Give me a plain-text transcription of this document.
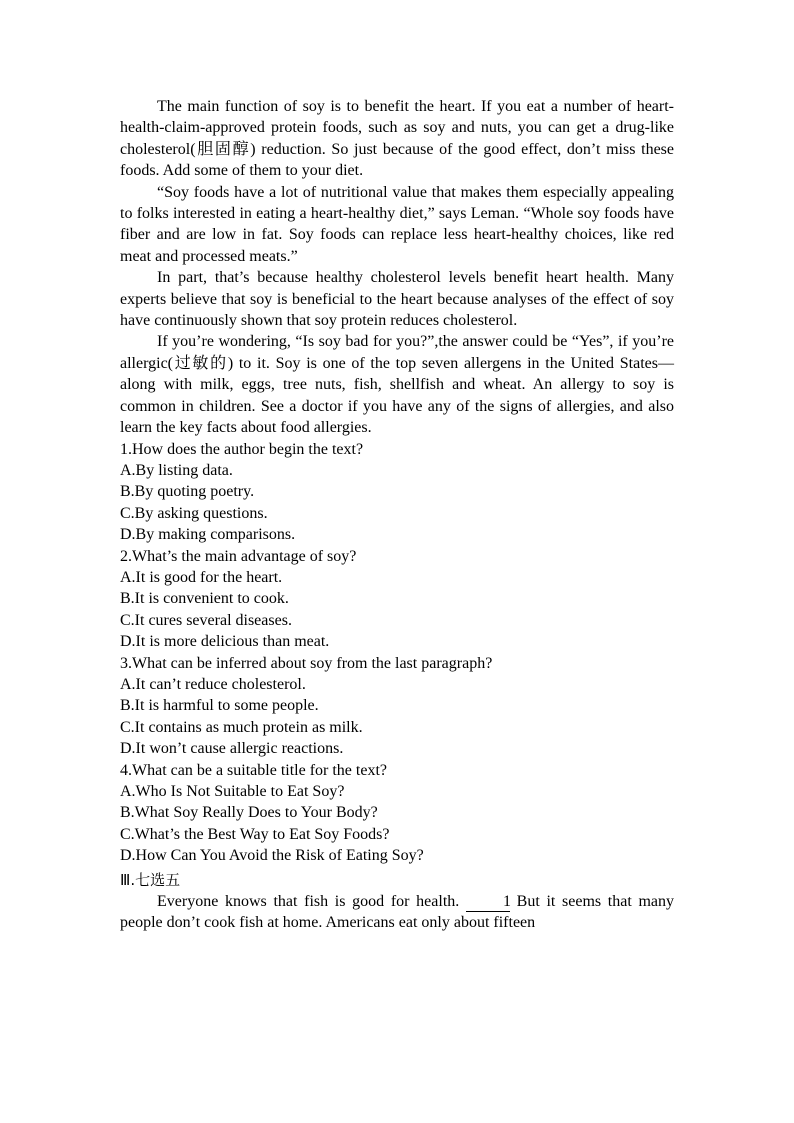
The main function of soy is to benefit the heart. If you eat a number of heart-health-claim-approved protein foods, such as soy and nuts, you can get a drug-like cholesterol(胆固醇) reduction. So just because of the good effect, don’t miss these foods. Add some of them to your diet.

“Soy foods have a lot of nutritional value that makes them especially appealing to folks interested in eating a heart-healthy diet,” says Leman. “Whole soy foods have fiber and are low in fat. Soy foods can replace less heart-healthy choices, like red meat and processed meats.”

In part, that’s because healthy cholesterol levels benefit heart health. Many experts believe that soy is beneficial to the heart because analyses of the effect of soy have continuously shown that soy protein reduces cholesterol.

If you’re wondering, “Is soy bad for you?”,the answer could be “Yes”, if you’re allergic(过敏的) to it. Soy is one of the top seven allergens in the United States—along with milk, eggs, tree nuts, fish, shellfish and wheat. An allergy to soy is common in children. See a doctor if you have any of the signs of allergies, and also learn the key facts about food allergies.

1.How does the author begin the text?

A.By listing data.

B.By quoting poetry.

C.By asking questions.

D.By making comparisons.

2.What’s the main advantage of soy?

A.It is good for the heart.

B.It is convenient to cook.

C.It cures several diseases.

D.It is more delicious than meat.

3.What can be inferred about soy from the last paragraph?

A.It can’t reduce cholesterol.

B.It is harmful to some people.

C.It contains as much protein as milk.

D.It won’t cause allergic reactions.

4.What can be a suitable title for the text?

A.Who Is Not Suitable to Eat Soy?

B.What Soy Really Does to Your Body?

C.What’s the Best Way to Eat Soy Foods?

D.How Can You Avoid the Risk of Eating Soy?

Ⅲ.七选五

Everyone knows that fish is good for health.	1 But it seems that many people don’t cook fish at home. Americans eat only about fifteen
